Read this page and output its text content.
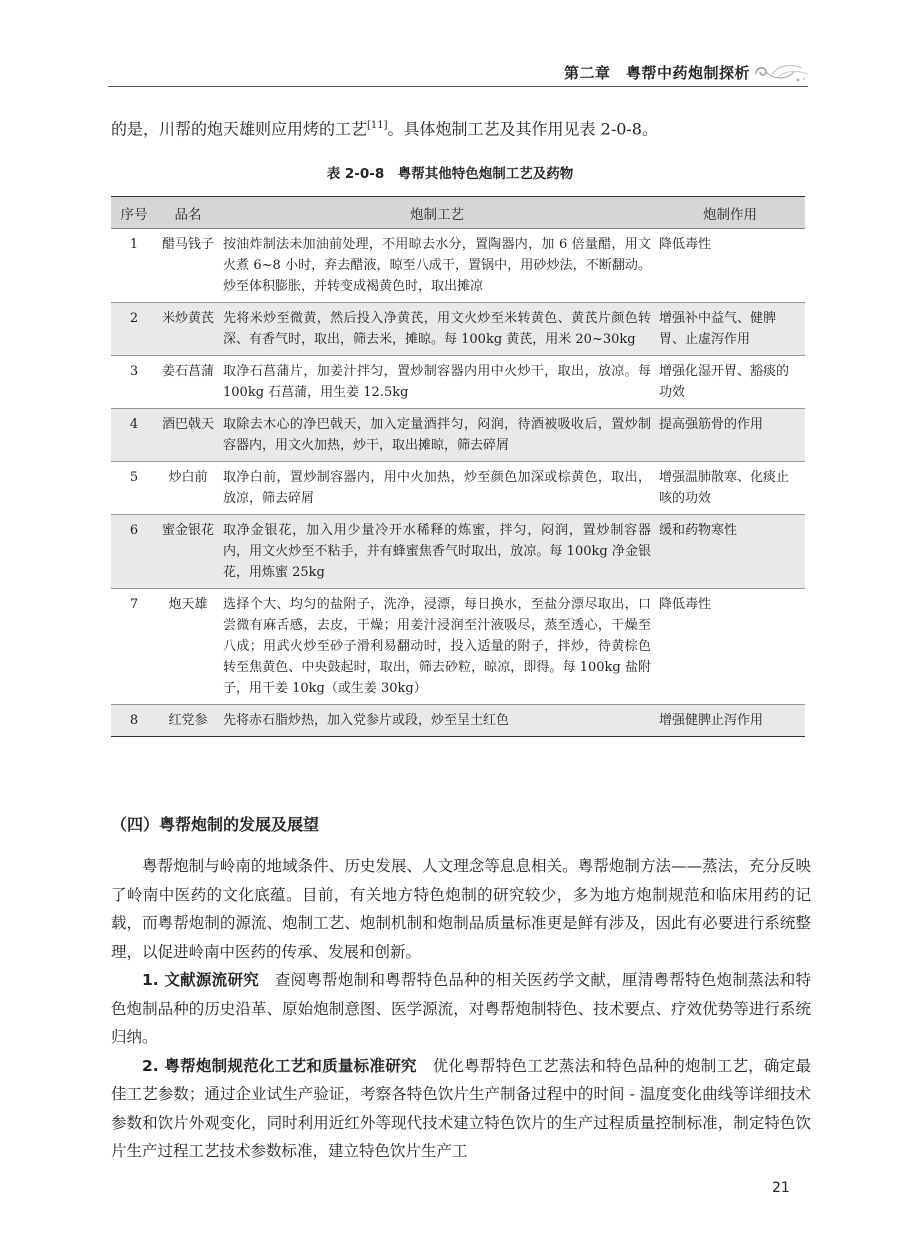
第二章　粤帮中药炮制探析

的是，川帮的炮天雄则应用烤的工艺[11]。具体炮制工艺及其作用见表 2-0-8。

表 2-0-8　粤帮其他特色炮制工艺及药物

序号	品名	炮制工艺	炮制作用
1	醋马钱子	按油炸制法未加油前处理，不用晾去水分，置陶器内，加 6 倍量醋，用文火煮 6~8 小时，弃去醋液，晾至八成干，置锅中，用砂炒法，不断翻动。炒至体积膨胀，并转变成褐黄色时，取出摊凉	降低毒性
2	米炒黄芪	先将米炒至微黄，然后投入净黄芪，用文火炒至米转黄色、黄芪片颜色转深、有香气时，取出，筛去米，摊晾。每 100kg 黄芪，用米 20~30kg	增强补中益气、健脾胃、止虚泻作用
3	姜石菖蒲	取净石菖蒲片，加姜汁拌匀，置炒制容器内用中火炒干，取出，放凉。每 100kg 石菖蒲，用生姜 12.5kg	增强化湿开胃、豁痰的功效
4	酒巴戟天	取除去木心的净巴戟天，加入定量酒拌匀，闷润，待酒被吸收后，置炒制容器内，用文火加热，炒干，取出摊晾，筛去碎屑	提高强筋骨的作用
5	炒白前	取净白前，置炒制容器内，用中火加热，炒至颜色加深或棕黄色，取出，放凉，筛去碎屑	增强温肺散寒、化痰止咳的功效
6	蜜金银花	取净金银花，加入用少量冷开水稀释的炼蜜，拌匀，闷润，置炒制容器内，用文火炒至不粘手，并有蜂蜜焦香气时取出，放凉。每 100kg 净金银花，用炼蜜 25kg	缓和药物寒性
7	炮天雄	选择个大、均匀的盐附子，洗净，浸漂，每日换水，至盐分漂尽取出，口尝微有麻舌感，去皮，干燥；用姜汁浸润至汁液吸尽，蒸至透心，干燥至八成；用武火炒至砂子滑利易翻动时，投入适量的附子，拌炒，待黄棕色转至焦黄色、中央鼓起时，取出，筛去砂粒，晾凉，即得。每 100kg 盐附子，用干姜 10kg（或生姜 30kg）	降低毒性
8	红党参	先将赤石脂炒热，加入党参片或段，炒至呈土红色	增强健脾止泻作用
（四）粤帮炮制的发展及展望

粤帮炮制与岭南的地域条件、历史发展、人文理念等息息相关。粤帮炮制方法——蒸法，充分反映了岭南中医药的文化底蕴。目前，有关地方特色炮制的研究较少，多为地方炮制规范和临床用药的记载，而粤帮炮制的源流、炮制工艺、炮制机制和炮制品质量标准更是鲜有涉及，因此有必要进行系统整理，以促进岭南中医药的传承、发展和创新。

1. 文献源流研究　 查阅粤帮炮制和粤帮特色品种的相关医药学文献，厘清粤帮特色炮制蒸法和特色炮制品种的历史沿革、原始炮制意图、医学源流，对粤帮炮制特色、技术要点、疗效优势等进行系统归纳。

2. 粤帮炮制规范化工艺和质量标准研究　 优化粤帮特色工艺蒸法和特色品种的炮制工艺，确定最佳工艺参数；通过企业试生产验证，考察各特色饮片生产制备过程中的时间 - 温度变化曲线等详细技术参数和饮片外观变化，同时利用近红外等现代技术建立特色饮片的生产过程质量控制标准，制定特色饮片生产过程工艺技术参数标准，建立特色饮片生产工

21
